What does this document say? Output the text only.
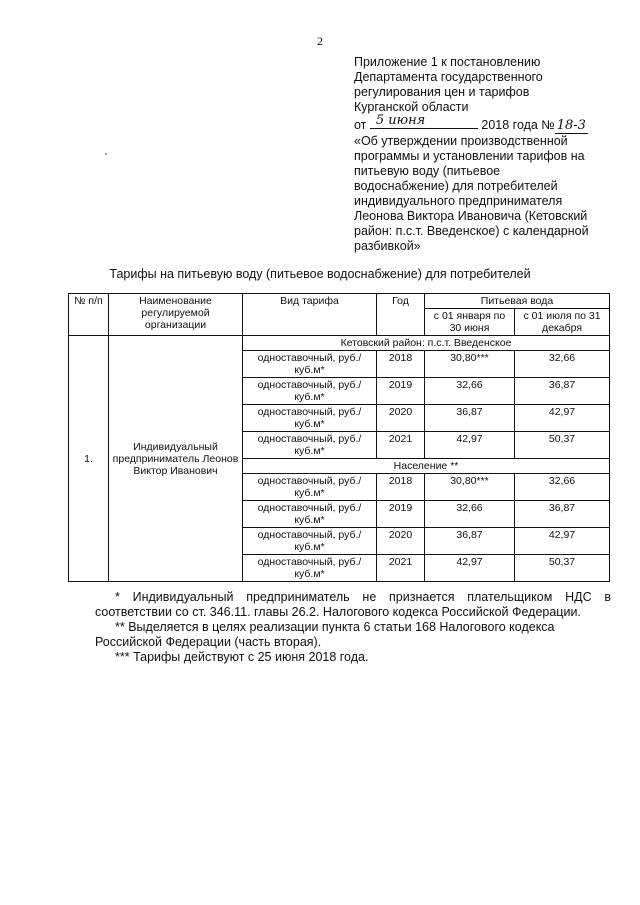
2
Приложение 1 к постановлению
Департамента государственного
регулирования цен и тарифов
Курганской области
от 5 июня	2018 года № 18-3
«Об утверждении производственной
программы и установлении тарифов на
питьевую воду (питьевое
водоснабжение) для потребителей
индивидуального предпринимателя
Леонова Виктора Ивановича (Кетовский
район: п.с.т. Введенское) с календарной
разбивкой»
·
Тарифы на питьевую воду (питьевое водоснабжение) для потребителей
№ п/п	Наименование регулируемой организации	Вид тарифа	Год	Питьевая вода	
				с 01 января по 30 июня	с 01 июля по 31 декабря
1.	Индивидуальный предприниматель Леонов Виктор Иванович	Кетовский район: п.с.т. Введенское			
		одноставочный, руб./куб.м*	2018	30,80***	32,66
		одноставочный, руб./куб.м*	2019	32,66	36,87
		одноставочный, руб./куб.м*	2020	36,87	42,97
		одноставочный, руб./куб.м*	2021	42,97	50,37
		Население **			
		одноставочный, руб./куб.м*	2018	30,80***	32,66
		одноставочный, руб./куб.м*	2019	32,66	36,87
		одноставочный, руб./куб.м*	2020	36,87	42,97
		одноставочный, руб./куб.м*	2021	42,97	50,37
* Индивидуальный предприниматель не признается плательщиком НДС в соответствии со ст. 346.11. главы 26.2. Налогового кодекса Российской Федерации.
** Выделяется в целях реализации пункта 6 статьи 168 Налогового кодекса Российской Федерации (часть вторая).
*** Тарифы действуют с 25 июня 2018 года.
